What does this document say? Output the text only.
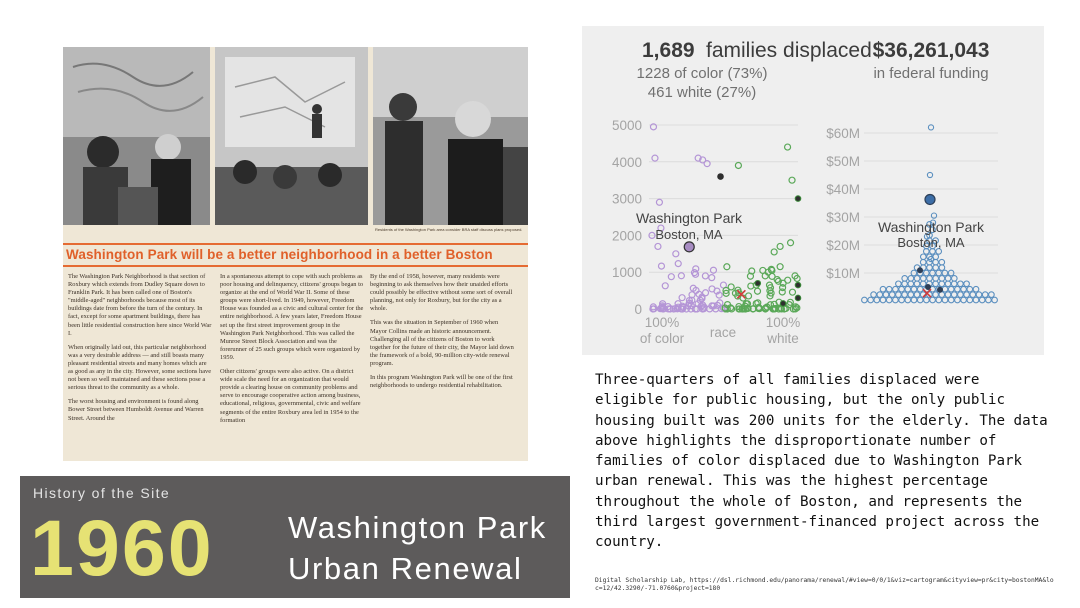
Residents of the Washington Park area consider BRA staff discuss plans proposed.
Washington Park will be a better neighborhood in a better Boston

The Washington Park Neighborhood is that section of Roxbury which extends from Dudley Square down to Franklin Park. It has been called one of Boston's "middle-aged" neighborhoods because most of its buildings date from before the turn of the century. In fact, except for some apartment buildings, there has been little residential construction here since World War I.

When originally laid out, this particular neighborhood was a very desirable address — and still boasts many pleasant residential streets and many homes which are as good as any in the city. However, some sections have not been so well maintained and these sections pose a serious threat to the community as a whole.

The worst housing and environment is found along Bower Street between Humboldt Avenue and Warren Street. Around the

In a spontaneous attempt to cope with such problems as poor housing and delinquency, citizens' groups began to organize at the end of World War II. Some of these groups were short-lived. In 1949, however, Freedom House was founded as a civic and cultural center for the entire neighborhood. A few years later, Freedom House set up the first street improvement group in the Washington Park Neighborhood. This was called the Munroe Street Block Association and was the forerunner of 25 such groups which were organized by 1959.

Other citizens' groups were also active. On a district wide scale the need for an organization that would provide a clearing house on community problems and serve to encourage cooperative action among business, educational, religious, governmental, civic and welfare segments of the entire Roxbury area led in 1954 to the formation

By the end of 1958, however, many residents were beginning to ask themselves how their unaided efforts could possibly be effective without some sort of overall planning, not only for Roxbury, but for the city as a whole.

This was the situation in September of 1960 when Mayor Collins made an historic announcement. Challenging all of the citizens of Boston to work together for the future of their city, the Mayor laid down the framework of a bold, 90-million city-wide renewal program.

In this program Washington Park will be one of the first neighborhoods to undergo residential rehabilitation.

History of the Site
1960 Washington Park
Urban Renewal
1,689 families displaced
1228 of color (73%)
461 white (27%)
$36,261,043
in federal funding
5000
4000
3000
2000
1000
0
Washington Park
Boston, MA
100%
of color
100%
white
race
$60M
$50M
$40M
$30M
$20M
$10M
Washington Park
Boston, MA
Three-quarters of all families displaced were eligible for public housing, but the only public housing built was 200 units for the elderly. The data above highlights the disproportionate number of families of color displaced due to Washington Park urban renewal. This was the highest percentage throughout the whole of Boston, and represents the third largest government-financed project across the country.
Digital Scholarship Lab, https://dsl.richmond.edu/panorama/renewal/#view=0/0/1&viz=cartogram&cityview=pr&city=bostonMA&loc=12/42.3290/-71.0760&project=180
